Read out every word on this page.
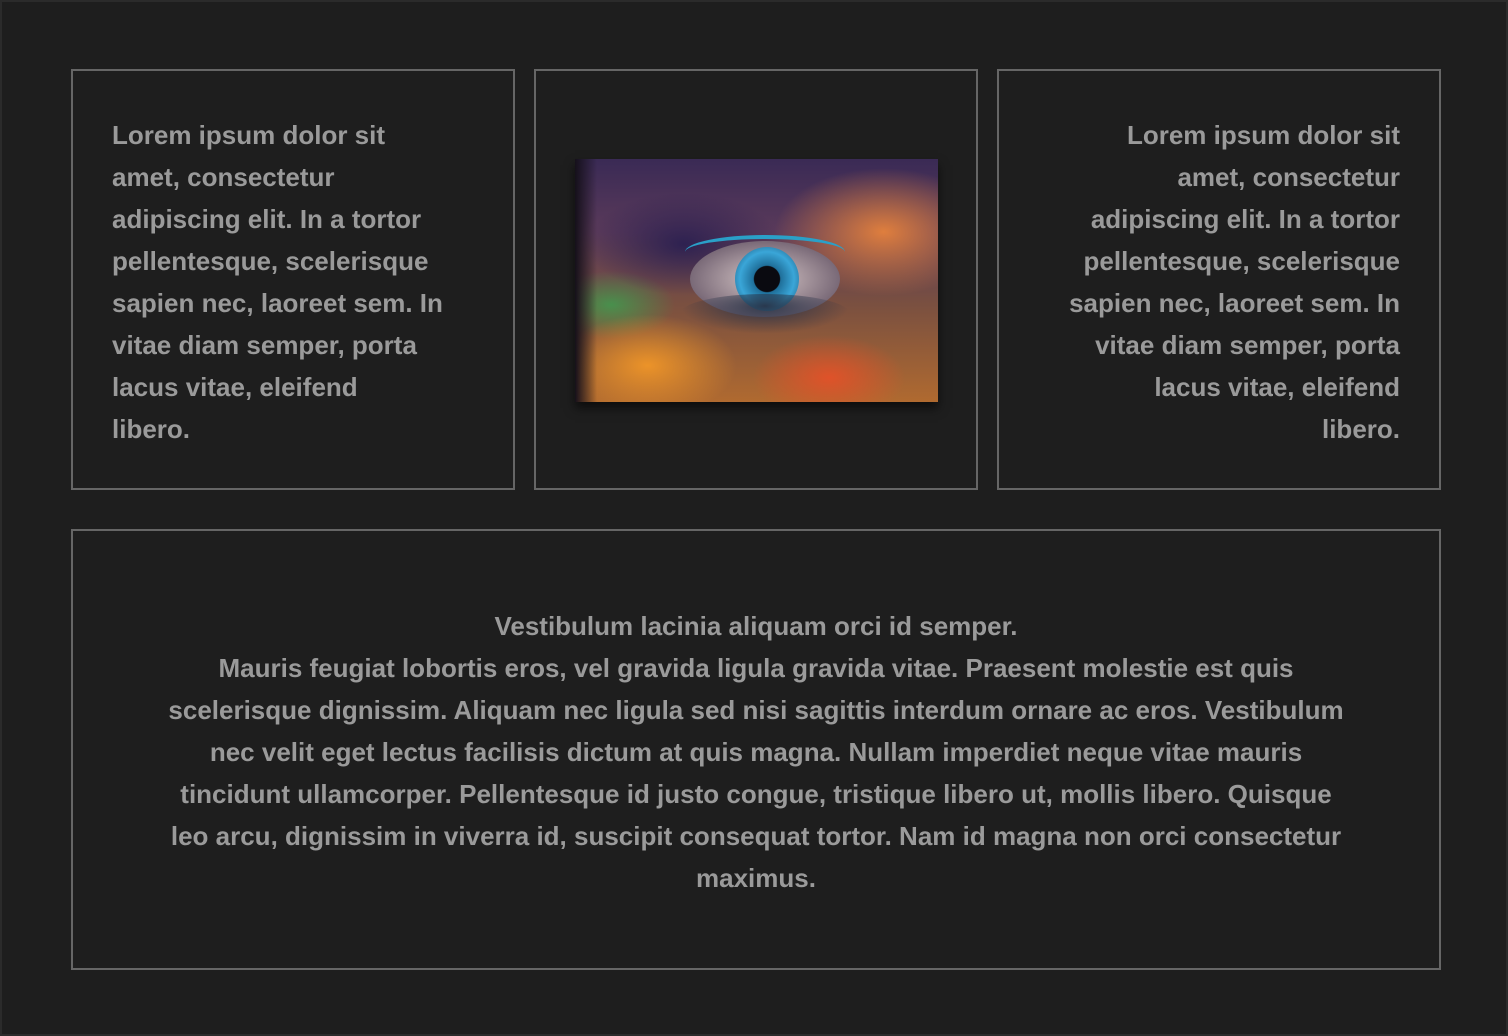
Lorem ipsum dolor sit
amet, consectetur
adipiscing elit. In a tortor
pellentesque, scelerisque
sapien nec, laoreet sem. In
vitae diam semper, porta
lacus vitae, eleifend
libero.
Lorem ipsum dolor sit
amet, consectetur
adipiscing elit. In a tortor
pellentesque, scelerisque
sapien nec, laoreet sem. In
vitae diam semper, porta
lacus vitae, eleifend
libero.
Vestibulum lacinia aliquam orci id semper.
Mauris feugiat lobortis eros, vel gravida ligula gravida vitae. Praesent molestie est quis
scelerisque dignissim. Aliquam nec ligula sed nisi sagittis interdum ornare ac eros. Vestibulum
nec velit eget lectus facilisis dictum at quis magna. Nullam imperdiet neque vitae mauris
tincidunt ullamcorper. Pellentesque id justo congue, tristique libero ut, mollis libero. Quisque
leo arcu, dignissim in viverra id, suscipit consequat tortor. Nam id magna non orci consectetur
maximus.
